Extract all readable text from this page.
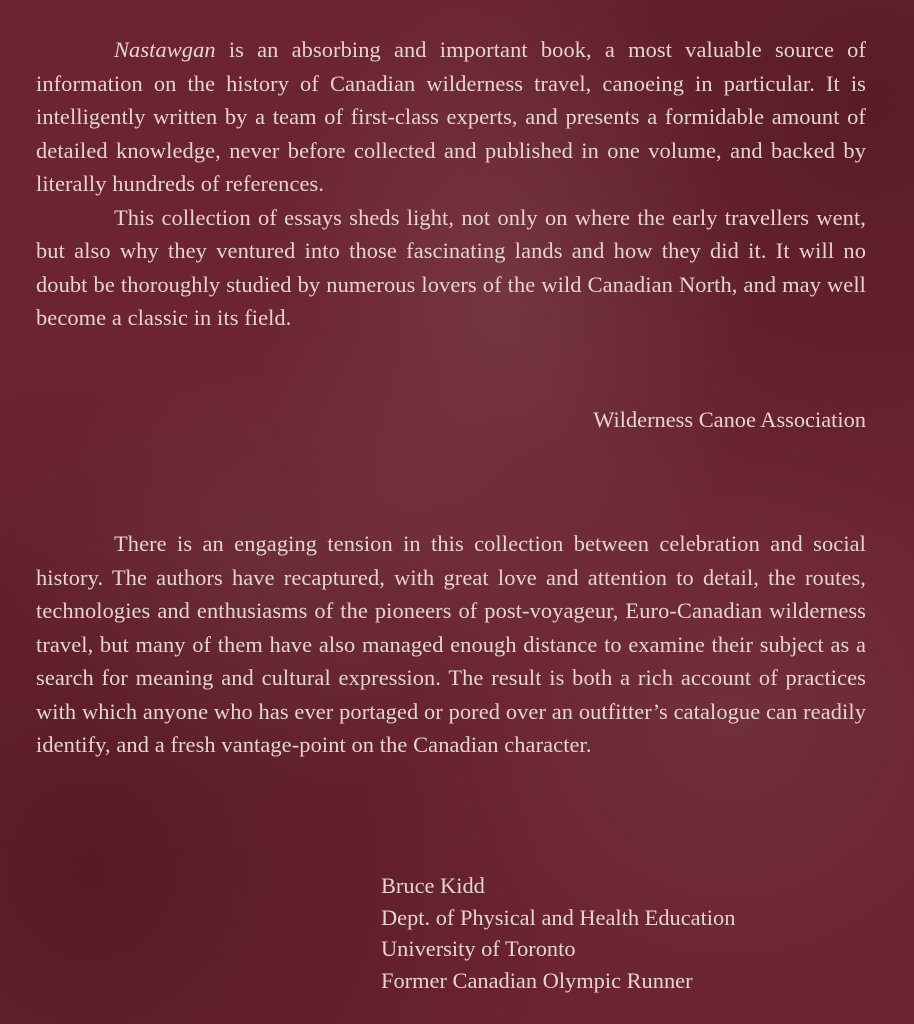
Nastawgan is an absorbing and important book, a most valuable source of information on the history of Canadian wilderness travel, canoeing in particular. It is intelligently written by a team of first-class experts, and presents a formidable amount of detailed knowledge, never before collected and published in one volume, and backed by literally hundreds of references.

This collection of essays sheds light, not only on where the early travellers went, but also why they ventured into those fascinating lands and how they did it. It will no doubt be thoroughly studied by numerous lovers of the wild Canadian North, and may well become a classic in its field.

Wilderness Canoe Association

There is an engaging tension in this collection between celebration and social history. The authors have recaptured, with great love and attention to detail, the routes, technologies and enthusiasms of the pioneers of post-voyageur, Euro-Canadian wilderness travel, but many of them have also managed enough distance to examine their subject as a search for meaning and cultural expression. The result is both a rich account of practices with which anyone who has ever portaged or pored over an outfitter’s catalogue can readily identify, and a fresh vantage-point on the Canadian character.

Bruce Kidd
Dept. of Physical and Health Education
University of Toronto
Former Canadian Olympic Runner
